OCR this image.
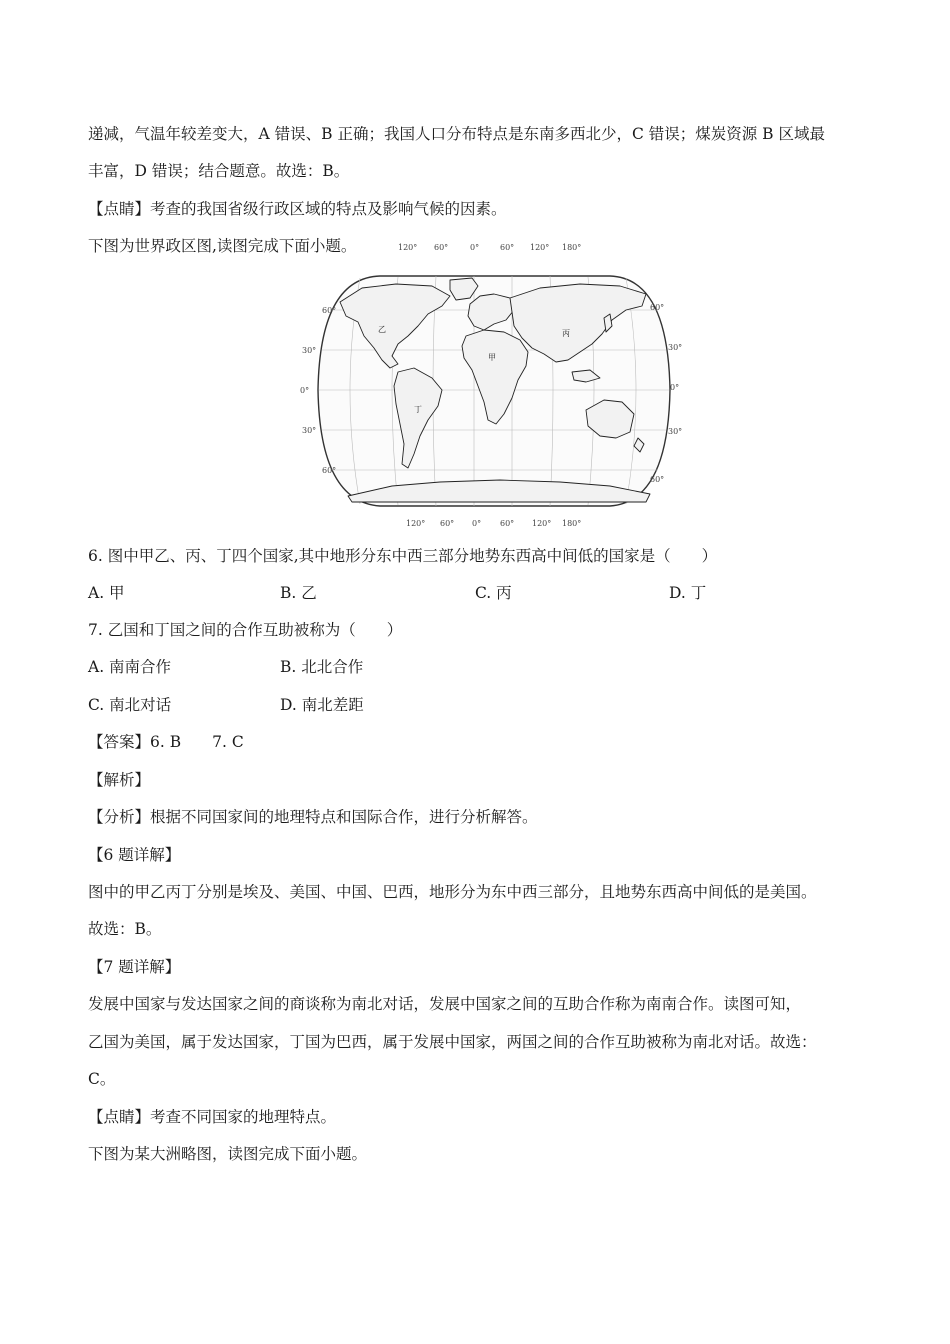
递减，气温年较差变大，A 错误、B 正确；我国人口分布特点是东南多西北少，C 错误；煤炭资源 B 区域最
丰富，D 错误；结合题意。故选：B。
【点睛】考查的我国省级行政区域的特点及影响气候的因素。
下图为世界政区图,读图完成下面小题。
乙
甲
丙
丁
120° 60°	0°	60° 120° 180°
120° 60° 0° 60° 120° 180°
60°
30°
0°
30°
60°
60°
30°
0°
30°
60°
6. 图中甲乙、丙、丁四个国家,其中地形分东中西三部分地势东西高中间低的国家是（　　）
A. 甲	B. 乙	C. 丙	D. 丁
7. 乙国和丁国之间的合作互助被称为（　　）
A. 南南合作	B. 北北合作
C. 南北对话	D. 南北差距
【答案】6. B　　7. C
【解析】
【分析】根据不同国家间的地理特点和国际合作，进行分析解答。
【6 题详解】
图中的甲乙丙丁分别是埃及、美国、中国、巴西，地形分为东中西三部分，且地势东西高中间低的是美国。
故选：B。
【7 题详解】
发展中国家与发达国家之间的商谈称为南北对话，发展中国家之间的互助合作称为南南合作。读图可知，
乙国为美国，属于发达国家，丁国为巴西，属于发展中国家，两国之间的合作互助被称为南北对话。故选：
C。
【点睛】考查不同国家的地理特点。
下图为某大洲略图，读图完成下面小题。
